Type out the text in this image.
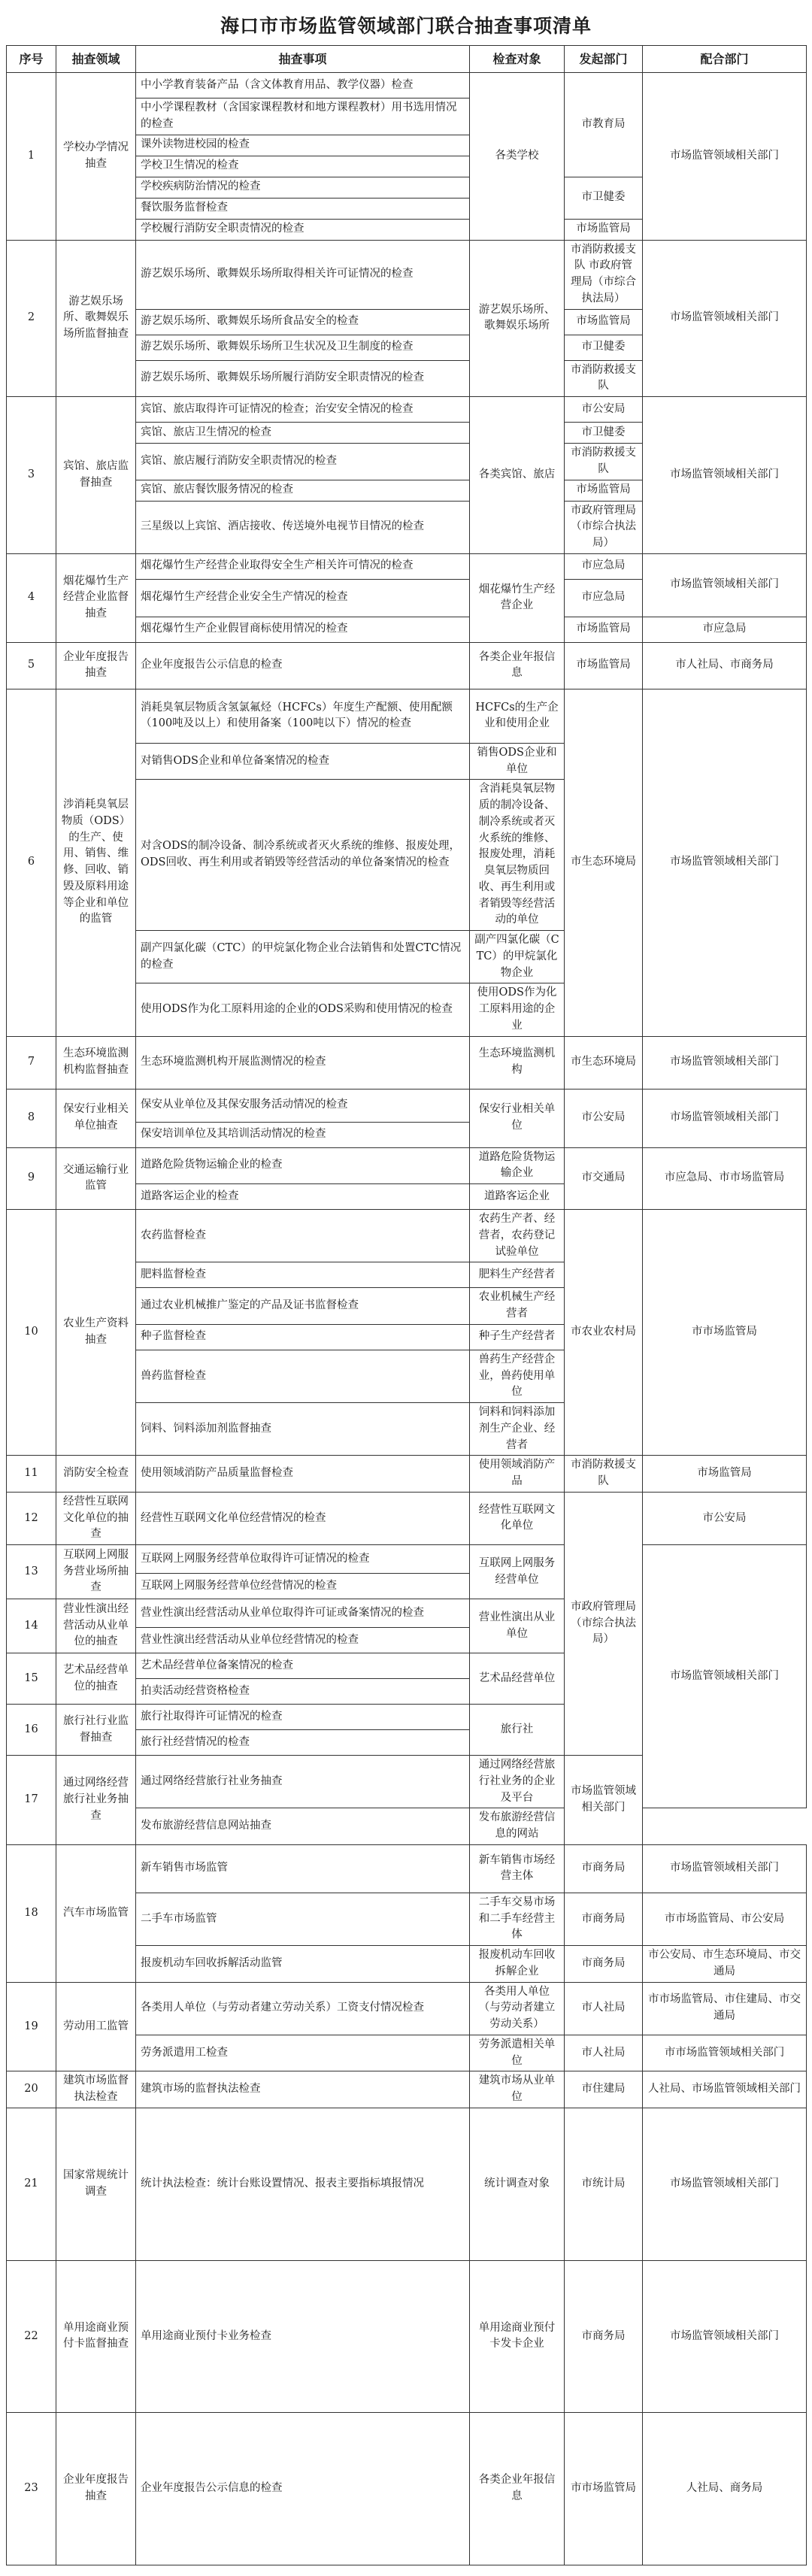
海口市市场监管领域部门联合抽查事项清单
序号	抽查领域	抽查事项	检查对象	发起部门	配合部门
1	学校办学情况抽查	中小学教育装备产品（含文体教育用品、教学仪器）检查	各类学校	市教育局	市场监管领域相关部门
		中小学课程教材（含国家课程教材和地方课程教材）用书选用情况的检查			
		课外读物进校园的检查			
		学校卫生情况的检查			
		学校疾病防治情况的检查		市卫健委	
		餐饮服务监督检查			
		学校履行消防安全职责情况的检查		市场监管局	
2	游艺娱乐场所、歌舞娱乐场所监督抽查	游艺娱乐场所、歌舞娱乐场所取得相关许可证情况的检查	游艺娱乐场所、歌舞娱乐场所	市消防救援支队 市政府管理局（市综合执法局）	市场监管领域相关部门
		游艺娱乐场所、歌舞娱乐场所食品安全的检查		市场监管局	
		游艺娱乐场所、歌舞娱乐场所卫生状况及卫生制度的检查		市卫健委	
		游艺娱乐场所、歌舞娱乐场所履行消防安全职责情况的检查		市消防救援支队	
3	宾馆、旅店监督抽查	宾馆、旅店取得许可证情况的检查；治安安全情况的检查	各类宾馆、旅店	市公安局	市场监管领域相关部门
		宾馆、旅店卫生情况的检查		市卫健委	
		宾馆、旅店履行消防安全职责情况的检查		市消防救援支队	
		宾馆、旅店餐饮服务情况的检查		市场监管局	
		三星级以上宾馆、酒店接收、传送境外电视节目情况的检查		市政府管理局（市综合执法局）	
4	烟花爆竹生产经营企业监督抽查	烟花爆竹生产经营企业取得安全生产相关许可情况的检查	烟花爆竹生产经营企业	市应急局	市场监管领域相关部门
		烟花爆竹生产经营企业安全生产情况的检查		市应急局	
		烟花爆竹生产企业假冒商标使用情况的检查		市场监管局	市应急局
5	企业年度报告抽查	企业年度报告公示信息的检查	各类企业年报信息	市场监管局	市人社局、市商务局
6	涉消耗臭氧层物质（ODS）的生产、使用、销售、维修、回收、销毁及原料用途等企业和单位的监管	消耗臭氧层物质含氢氯氟烃（HCFCs）年度生产配额、使用配额（100吨及以上）和使用备案（100吨以下）情况的检查	HCFCs的生产企业和使用企业	市生态环境局	市场监管领域相关部门
		对销售ODS企业和单位备案情况的检查	销售ODS企业和单位		
		对含ODS的制冷设备、制冷系统或者灭火系统的维修、报废处理，ODS回收、再生利用或者销毁等经营活动的单位备案情况的检查	含消耗臭氧层物质的制冷设备、制冷系统或者灭火系统的维修、报废处理，消耗臭氧层物质回收、再生利用或者销毁等经营活动的单位		
		副产四氯化碳（CTC）的甲烷氯化物企业合法销售和处置CTC情况的检查	副产四氯化碳（CTC）的甲烷氯化物企业		
		使用ODS作为化工原料用途的企业的ODS采购和使用情况的检查	使用ODS作为化工原料用途的企业		
7	生态环境监测机构监督抽查	生态环境监测机构开展监测情况的检查	生态环境监测机构	市生态环境局	市场监管领域相关部门
8	保安行业相关单位抽查	保安从业单位及其保安服务活动情况的检查	保安行业相关单位	市公安局	市场监管领域相关部门
		保安培训单位及其培训活动情况的检查			
9	交通运输行业监管	道路危险货物运输企业的检查	道路危险货物运输企业	市交通局	市应急局、市市场监管局
		道路客运企业的检查	道路客运企业		
10	农业生产资料抽查	农药监督检查	农药生产者、经营者，农药登记试验单位	市农业农村局	市市场监管局
		肥料监督检查	肥料生产经营者		
		通过农业机械推广鉴定的产品及证书监督检查	农业机械生产经营者		
		种子监督检查	种子生产经营者		
		兽药监督检查	兽药生产经营企业，兽药使用单位		
		饲料、饲料添加剂监督抽查	饲料和饲料添加剂生产企业、经营者		
11	消防安全检查	使用领域消防产品质量监督检查	使用领域消防产品	市消防救援支队	市场监管局
12	经营性互联网文化单位的抽查	经营性互联网文化单位经营情况的检查	经营性互联网文化单位	市政府管理局（市综合执法局）	市公安局
13	互联网上网服务营业场所抽查	互联网上网服务经营单位取得许可证情况的检查	互联网上网服务经营单位		市场监管领域相关部门
		互联网上网服务经营单位经营情况的检查			
14	营业性演出经营活动从业单位的抽查	营业性演出经营活动从业单位取得许可证或备案情况的检查	营业性演出从业单位		
		营业性演出经营活动从业单位经营情况的检查			
15	艺术品经营单位的抽查	艺术品经营单位备案情况的检查	艺术品经营单位		
		拍卖活动经营资格检查			
16	旅行社行业监督抽查	旅行社取得许可证情况的检查	旅行社		
		旅行社经营情况的检查			
17	通过网络经营旅行社业务抽查	通过网络经营旅行社业务抽查	通过网络经营旅行社业务的企业及平台	市场监管领域相关部门	
		发布旅游经营信息网站抽查	发布旅游经营信息的网站		
18	汽车市场监管	新车销售市场监管	新车销售市场经营主体	市商务局	市场监管领域相关部门
		二手车市场监管	二手车交易市场和二手车经营主体	市商务局	市市场监管局、市公安局
		报废机动车回收拆解活动监管	报废机动车回收拆解企业	市商务局	市公安局、市生态环境局、市交通局
19	劳动用工监管	各类用人单位（与劳动者建立劳动关系）工资支付情况检查	各类用人单位（与劳动者建立劳动关系）	市人社局	市市场监管局、市住建局、市交通局
		劳务派遣用工检查	劳务派遣相关单位	市人社局	市市场监管领域相关部门
20	建筑市场监督执法检查	建筑市场的监督执法检查	建筑市场从业单位	市住建局	人社局、市场监管领域相关部门
21	国家常规统计调查	统计执法检查：统计台账设置情况、报表主要指标填报情况	统计调查对象	市统计局	市场监管领域相关部门
22	单用途商业预付卡监督抽查	单用途商业预付卡业务检查	单用途商业预付卡发卡企业	市商务局	市场监管领域相关部门
23	企业年度报告抽查	企业年度报告公示信息的检查	各类企业年报信息	市市场监管局	人社局、商务局
